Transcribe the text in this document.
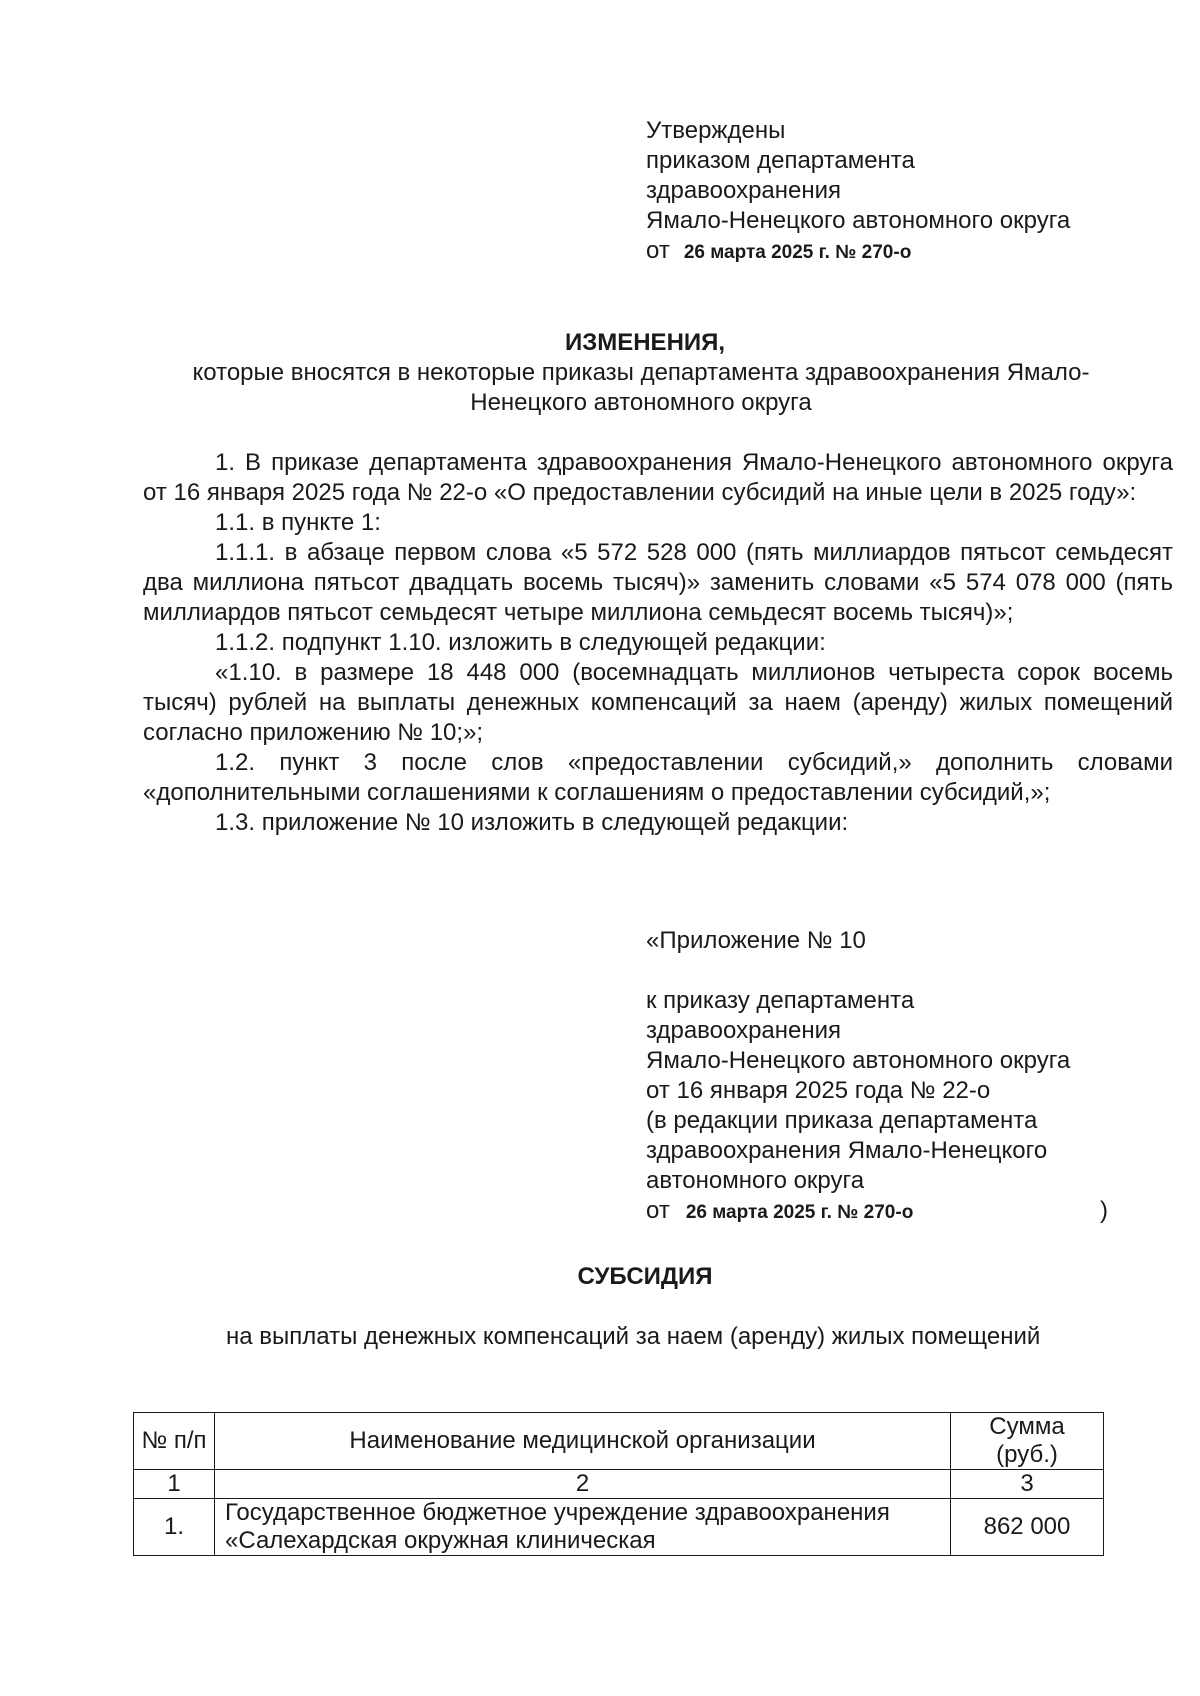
Утверждены
приказом департамента
здравоохранения
Ямало-Ненецкого автономного округа
от 26 марта 2025 г. № 270-о
ИЗМЕНЕНИЯ,
которые вносятся в некоторые приказы департамента здравоохранения Ямало-Ненецкого автономного округа

1. В приказе департамента здравоохранения Ямало-Ненецкого автономного округа от 16 января 2025 года № 22-о «О предоставлении субсидий на иные цели в 2025 году»:

1.1. в пункте 1:

1.1.1. в абзаце первом слова «5 572 528 000 (пять миллиардов пятьсот семьдесят два миллиона пятьсот двадцать восемь тысяч)» заменить словами «5 574 078 000 (пять миллиардов пятьсот семьдесят четыре миллиона семьдесят восемь тысяч)»;

1.1.2. подпункт 1.10. изложить в следующей редакции:

«1.10. в размере 18 448 000 (восемнадцать миллионов четыреста сорок восемь тысяч) рублей на выплаты денежных компенсаций за наем (аренду) жилых помещений согласно приложению № 10;»;

1.2. пункт 3 после слов «предоставлении субсидий,» дополнить словами «дополнительными соглашениями к соглашениям о предоставлении субсидий,»;

1.3. приложение № 10 изложить в следующей редакции:

«Приложение № 10
к приказу департамента
здравоохранения
Ямало-Ненецкого автономного округа
от 16 января 2025 года № 22-о
(в редакции приказа департамента
здравоохранения Ямало-Ненецкого
автономного округа
от 26 марта 2025 г. № 270-о	)
СУБСИДИЯ
на выплаты денежных компенсаций за наем (аренду) жилых помещений
№ п/п	Наименование медицинской организации	Сумма (руб.)
1	2	3
1.	Государственное бюджетное учреждение здравоохранения «Салехардская окружная клиническая	862 000
